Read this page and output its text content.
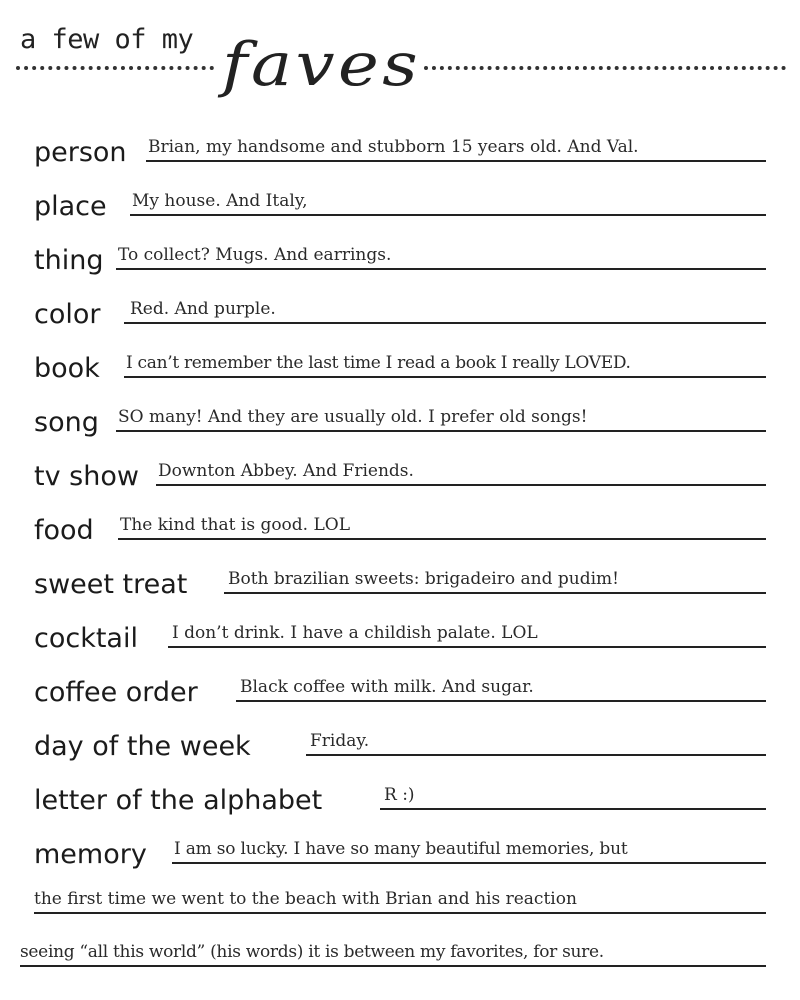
a few of my faves
person Brian, my handsome and stubborn 15 years old. And Val.
place My house. And Italy,
thing To collect? Mugs. And earrings.
color Red. And purple.
book I can’t remember the last time I read a book I really LOVED.
song SO many! And they are usually old. I prefer old songs!
tv show Downton Abbey. And Friends.
food The kind that is good. LOL
sweet treat Both brazilian sweets: brigadeiro and pudim!
cocktail I don’t drink. I have a childish palate. LOL
coffee order Black coffee with milk. And sugar.
day of the week	Friday.
letter of the alphabet	R :)
memory I am so lucky. I have so many beautiful memories, but
the first time we went to the beach with Brian and his reaction
seeing “all this world” (his words) it is between my favorites, for sure.
